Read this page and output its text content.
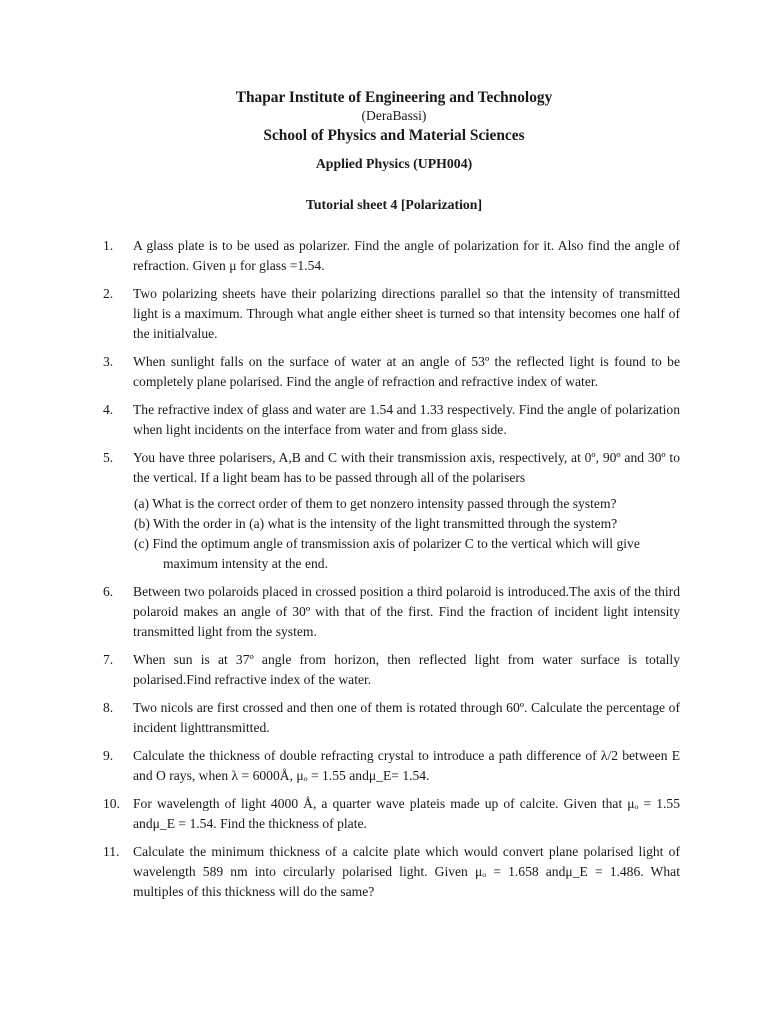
Thapar Institute of Engineering and Technology
(DeraBassi)
School of Physics and Material Sciences
Applied Physics (UPH004)
Tutorial sheet 4 [Polarization]
1. A glass plate is to be used as polarizer. Find the angle of polarization for it. Also find the angle of refraction. Given μ for glass =1.54.
2. Two polarizing sheets have their polarizing directions parallel so that the intensity of transmitted light is a maximum. Through what angle either sheet is turned so that intensity becomes one half of the initialvalue.
3. When sunlight falls on the surface of water at an angle of 53º the reflected light is found to be completely plane polarised. Find the angle of refraction and refractive index of water.
4. The refractive index of glass and water are 1.54 and 1.33 respectively. Find the angle of polarization when light incidents on the interface from water and from glass side.
5. You have three polarisers, A,B and C with their transmission axis, respectively, at 0º, 90º and 30º to the vertical. If a light beam has to be passed through all of the polarisers
(a) What is the correct order of them to get nonzero intensity passed through the system?
(b) With the order in (a) what is the intensity of the light transmitted through the system?
(c) Find the optimum angle of transmission axis of polarizer C to the vertical which will give maximum intensity at the end.
6. Between two polaroids placed in crossed position a third polaroid is introduced.The axis of the third polaroid makes an angle of 30º with that of the first. Find the fraction of incident light intensity transmitted light from the system.
7. When sun is at 37º angle from horizon, then reflected light from water surface is totally polarised.Find refractive index of the water.
8. Two nicols are first crossed and then one of them is rotated through 60º. Calculate the percentage of incident lighttransmitted.
9. Calculate the thickness of double refracting crystal to introduce a path difference of λ/2 between E and O rays, when λ = 6000Å, μₒ = 1.55 andμ_E= 1.54.
10. For wavelength of light 4000 Å, a quarter wave plateis made up of calcite. Given that μₒ = 1.55 andμ_E = 1.54. Find the thickness of plate.
11. Calculate the minimum thickness of a calcite plate which would convert plane polarised light of wavelength 589 nm into circularly polarised light. Given μₒ = 1.658 andμ_E = 1.486. What multiples of this thickness will do the same?
